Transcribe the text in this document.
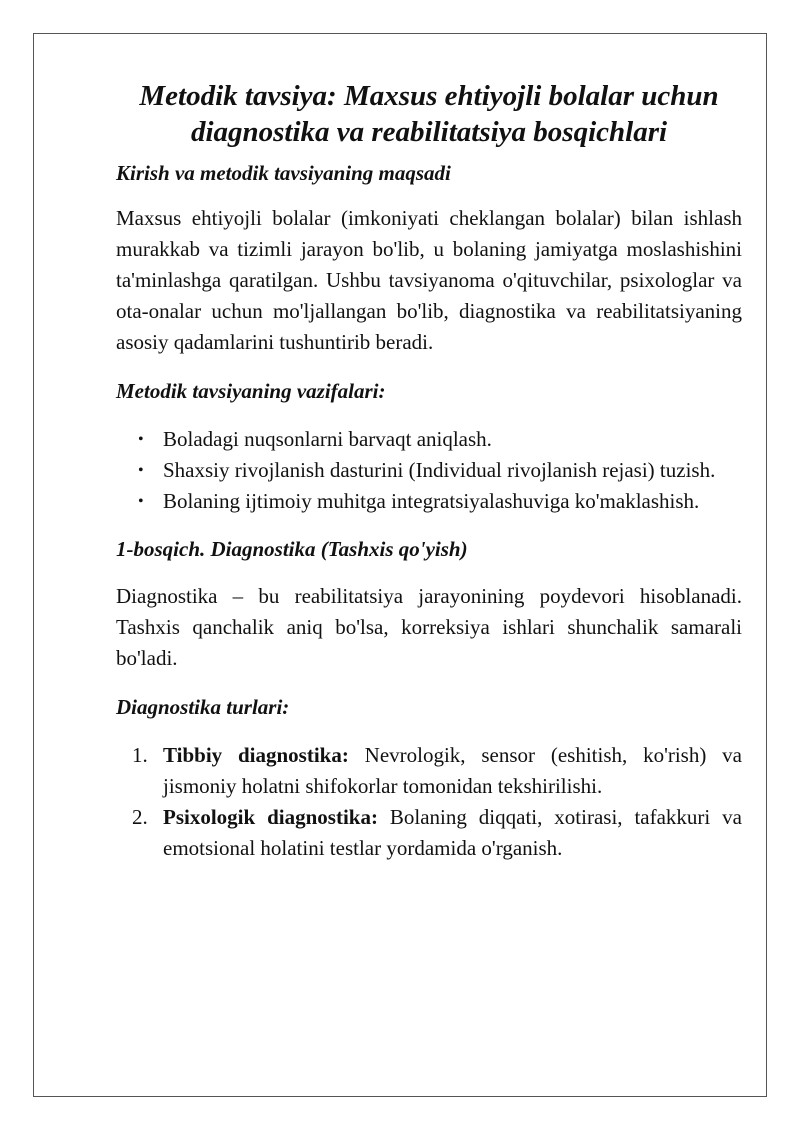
Metodik tavsiya: Maxsus ehtiyojli bolalar uchun diagnostika va reabilitatsiya bosqichlari
Kirish va metodik tavsiyaning maqsadi

Maxsus ehtiyojli bolalar (imkoniyati cheklangan bolalar) bilan ishlash murakkab va tizimli jarayon bo'lib, u bolaning jamiyatga moslashishini ta'minlashga qaratilgan. Ushbu tavsiyanoma o'qituvchilar, psixologlar va ota-onalar uchun mo'ljallangan bo'lib, diagnostika va reabilitatsiyaning asosiy qadamlarini tushuntirib beradi.

Metodik tavsiyaning vazifalari:
• Boladagi nuqsonlarni barvaqt aniqlash.
• Shaxsiy rivojlanish dasturini (Individual rivojlanish rejasi) tuzish.
• Bolaning ijtimoiy muhitga integratsiyalashuviga ko'maklashish.
1-bosqich. Diagnostika (Tashxis qo'yish)

Diagnostika – bu reabilitatsiya jarayonining poydevori hisoblanadi. Tashxis qanchalik aniq bo'lsa, korreksiya ishlari shunchalik samarali bo'ladi.

Diagnostika turlari:
1. Tibbiy diagnostika: Nevrologik, sensor (eshitish, ko'rish) va jismoniy holatni shifokorlar tomonidan tekshirilishi.
2. Psixologik diagnostika: Bolaning diqqati, xotirasi, tafakkuri va emotsional holatini testlar yordamida o'rganish.
